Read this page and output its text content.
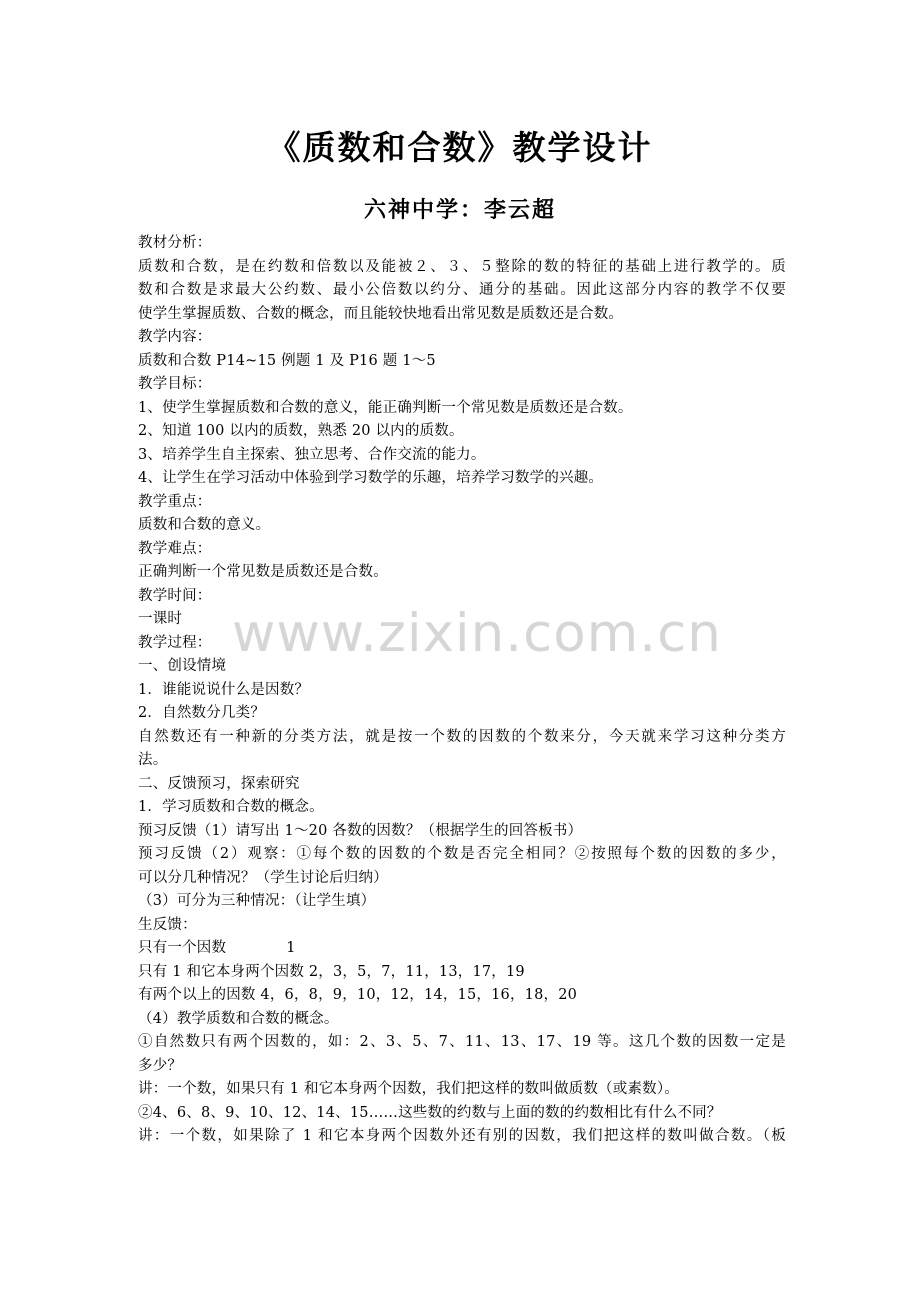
《质数和合数》教学设计
六神中学：李云超
教材分析：
质数和合数，是在约数和倍数以及能被２、３、５整除的数的特征的基础上进行教学的。质
数和合数是求最大公约数、最小公倍数以约分、通分的基础。因此这部分内容的教学不仅要
使学生掌握质数、合数的概念，而且能较快地看出常见数是质数还是合数。
教学内容：
质数和合数 P14~15 例题 1 及 P16 题 1～5
教学目标：
1、使学生掌握质数和合数的意义，能正确判断一个常见数是质数还是合数。
2、知道 100 以内的质数，熟悉 20 以内的质数。
3、培养学生自主探索、独立思考、合作交流的能力。
4、让学生在学习活动中体验到学习数学的乐趣，培养学习数学的兴趣。
教学重点：
质数和合数的意义。
教学难点：
正确判断一个常见数是质数还是合数。
教学时间：
一课时
教学过程：
一、创设情境
1．谁能说说什么是因数？
2．自然数分几类？
自然数还有一种新的分类方法，就是按一个数的因数的个数来分，今天就来学习这种分类方
法。
二、反馈预习，探索研究
1．学习质数和合数的概念。
预习反馈（1）请写出 1～20 各数的因数？（根据学生的回答板书）
预习反馈（2）观察：①每个数的因数的个数是否完全相同？②按照每个数的因数的多少，
可以分几种情况？（学生讨论后归纳）
（3）可分为三种情况：（让学生填）
生反馈：
只有一个因数	1
只有 1 和它本身两个因数 2，3，5，7，11，13，17，19
有两个以上的因数 4，6，8，9，10，12，14，15，16，18，20
（4）教学质数和合数的概念。
①自然数只有两个因数的，如：2、3、5、7、11、13、17、19 等。这几个数的因数一定是
多少？
讲：一个数，如果只有 1 和它本身两个因数，我们把这样的数叫做质数（或素数）。
②4、6、8、9、10、12、14、15……这些数的约数与上面的数的约数相比有什么不同？
讲：一个数，如果除了 1 和它本身两个因数外还有别的因数，我们把这样的数叫做合数。（板
www.zixin.com.cn
